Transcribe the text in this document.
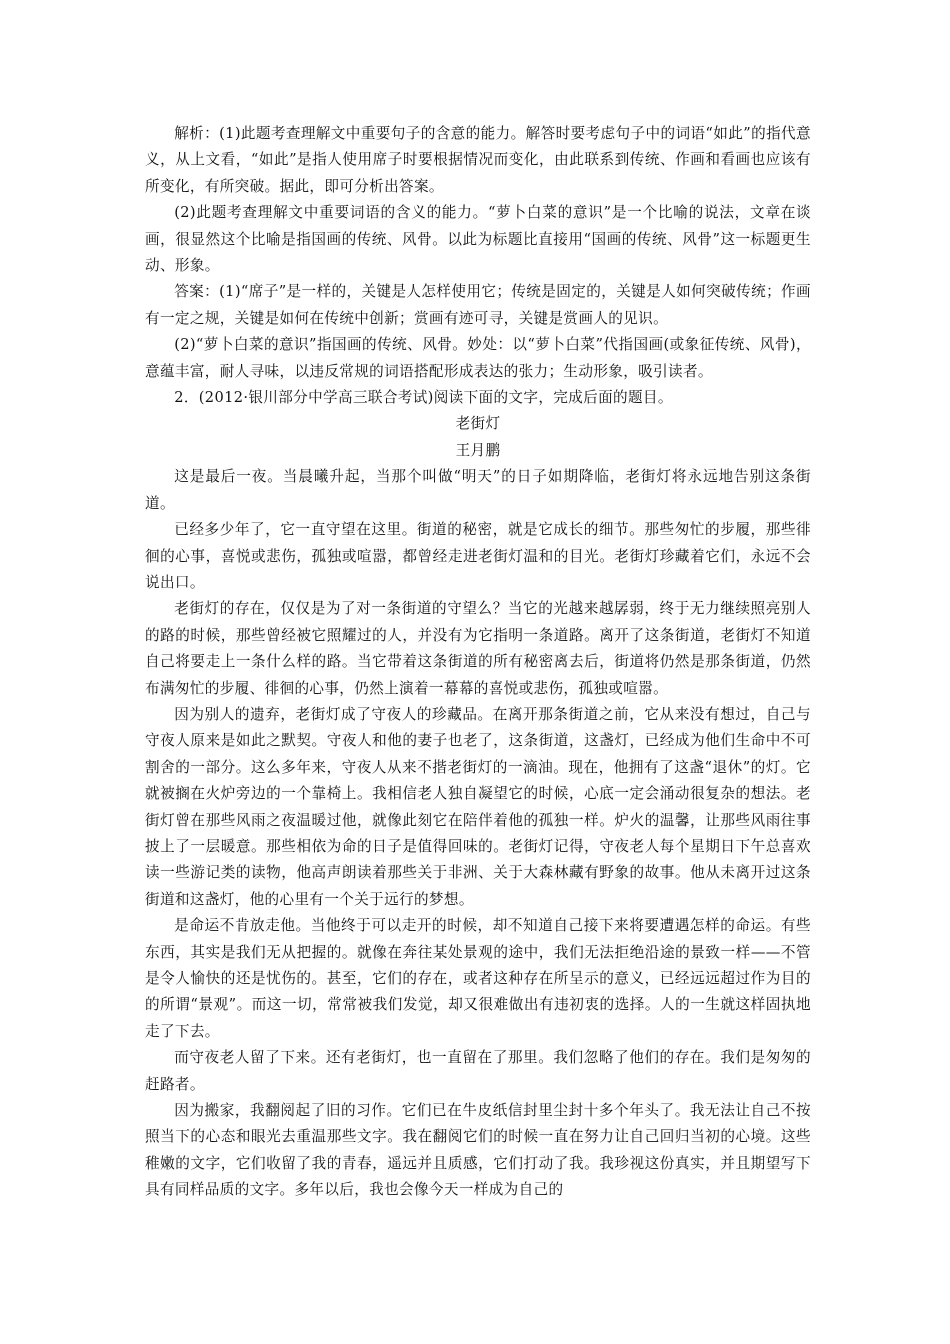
解析：(1)此题考查理解文中重要句子的含意的能力。解答时要考虑句子中的词语“如此”的指代意义，从上文看，“如此”是指人使用席子时要根据情况而变化，由此联系到传统、作画和看画也应该有所变化，有所突破。据此，即可分析出答案。

(2)此题考查理解文中重要词语的含义的能力。“萝卜白菜的意识”是一个比喻的说法，文章在谈画，很显然这个比喻是指国画的传统、风骨。以此为标题比直接用“国画的传统、风骨”这一标题更生动、形象。

答案：(1)“席子”是一样的，关键是人怎样使用它；传统是固定的，关键是人如何突破传统；作画有一定之规，关键是如何在传统中创新；赏画有迹可寻，关键是赏画人的见识。

(2)“萝卜白菜的意识”指国画的传统、风骨。妙处：以“萝卜白菜”代指国画(或象征传统、风骨)，意蕴丰富，耐人寻味，以违反常规的词语搭配形成表达的张力；生动形象，吸引读者。

2．(2012·银川部分中学高三联合考试)阅读下面的文字，完成后面的题目。

老街灯

王月鹏

这是最后一夜。当晨曦升起，当那个叫做“明天”的日子如期降临，老街灯将永远地告别这条街道。

已经多少年了，它一直守望在这里。街道的秘密，就是它成长的细节。那些匆忙的步履，那些徘徊的心事，喜悦或悲伤，孤独或喧嚣，都曾经走进老街灯温和的目光。老街灯珍藏着它们，永远不会说出口。

老街灯的存在，仅仅是为了对一条街道的守望么？当它的光越来越孱弱，终于无力继续照亮别人的路的时候，那些曾经被它照耀过的人，并没有为它指明一条道路。离开了这条街道，老街灯不知道自己将要走上一条什么样的路。当它带着这条街道的所有秘密离去后，街道将仍然是那条街道，仍然布满匆忙的步履、徘徊的心事，仍然上演着一幕幕的喜悦或悲伤，孤独或喧嚣。

因为别人的遗弃，老街灯成了守夜人的珍藏品。在离开那条街道之前，它从来没有想过，自己与守夜人原来是如此之默契。守夜人和他的妻子也老了，这条街道，这盏灯，已经成为他们生命中不可割舍的一部分。这么多年来，守夜人从来不揩老街灯的一滴油。现在，他拥有了这盏“退休”的灯。它就被搁在火炉旁边的一个靠椅上。我相信老人独自凝望它的时候，心底一定会涌动很复杂的想法。老街灯曾在那些风雨之夜温暖过他，就像此刻它在陪伴着他的孤独一样。炉火的温馨，让那些风雨往事披上了一层暖意。那些相依为命的日子是值得回味的。老街灯记得，守夜老人每个星期日下午总喜欢读一些游记类的读物，他高声朗读着那些关于非洲、关于大森林藏有野象的故事。他从未离开过这条街道和这盏灯，他的心里有一个关于远行的梦想。

是命运不肯放走他。当他终于可以走开的时候，却不知道自己接下来将要遭遇怎样的命运。有些东西，其实是我们无从把握的。就像在奔往某处景观的途中，我们无法拒绝沿途的景致一样——不管是令人愉快的还是忧伤的。甚至，它们的存在，或者这种存在所呈示的意义，已经远远超过作为目的的所谓“景观”。而这一切，常常被我们发觉，却又很难做出有违初衷的选择。人的一生就这样固执地走了下去。

而守夜老人留了下来。还有老街灯，也一直留在了那里。我们忽略了他们的存在。我们是匆匆的赶路者。

因为搬家，我翻阅起了旧的习作。它们已在牛皮纸信封里尘封十多个年头了。我无法让自己不按照当下的心态和眼光去重温那些文字。我在翻阅它们的时候一直在努力让自己回归当初的心境。这些稚嫩的文字，它们收留了我的青春，遥远并且质感，它们打动了我。我珍视这份真实，并且期望写下具有同样品质的文字。多年以后，我也会像今天一样成为自己的
